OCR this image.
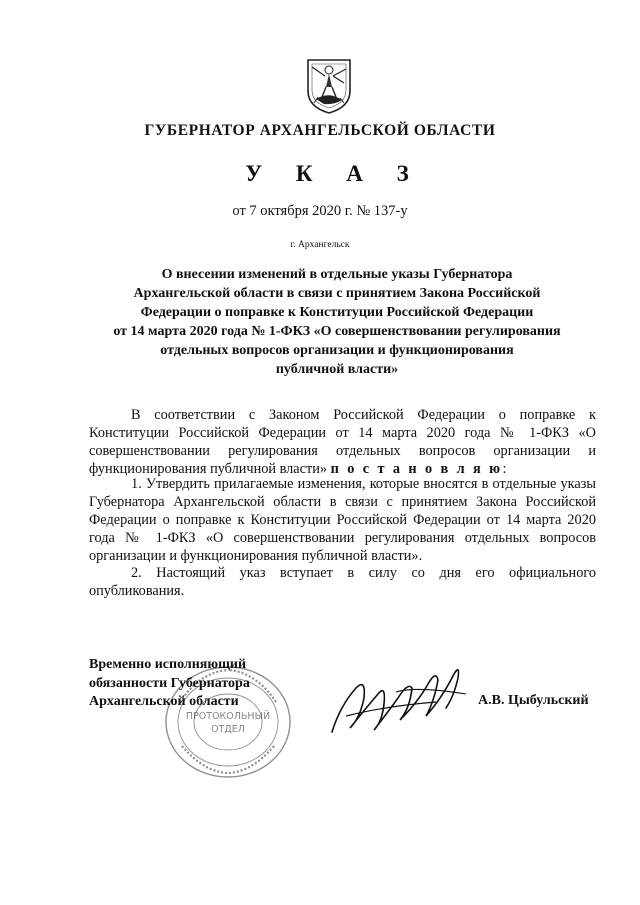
ГУБЕРНАТОР АРХАНГЕЛЬСКОЙ ОБЛАСТИ
У К А З
от 7 октября 2020 г. № 137-у
г. Архангельск
О внесении изменений в отдельные указы Губернатора
Архангельской области в связи с принятием Закона Российской
Федерации о поправке к Конституции Российской Федерации
от 14 марта 2020 года № 1-ФКЗ «О совершенствовании регулирования
отдельных вопросов организации и функционирования
публичной власти»

В соответствии с Законом Российской Федерации о поправке к Конституции Российской Федерации от 14 марта 2020 года № 1-ФКЗ «О совершенствовании регулирования отдельных вопросов организации и функционирования публичной власти» п о с т а н о в л я ю:

1. Утвердить прилагаемые изменения, которые вносятся в отдельные указы Губернатора Архангельской области в связи с принятием Закона Российской Федерации о поправке к Конституции Российской Федерации от 14 марта 2020 года № 1-ФКЗ «О совершенствовании регулирования отдельных вопросов организации и функционирования публичной власти».

2. Настоящий указ вступает в силу со дня его официального опубликования.

ПРОТОКОЛЬНЫЙ
ОТДЕЛ
Временно исполняющий
обязанности Губернатора
Архангельской области	А.В. Цыбульский
